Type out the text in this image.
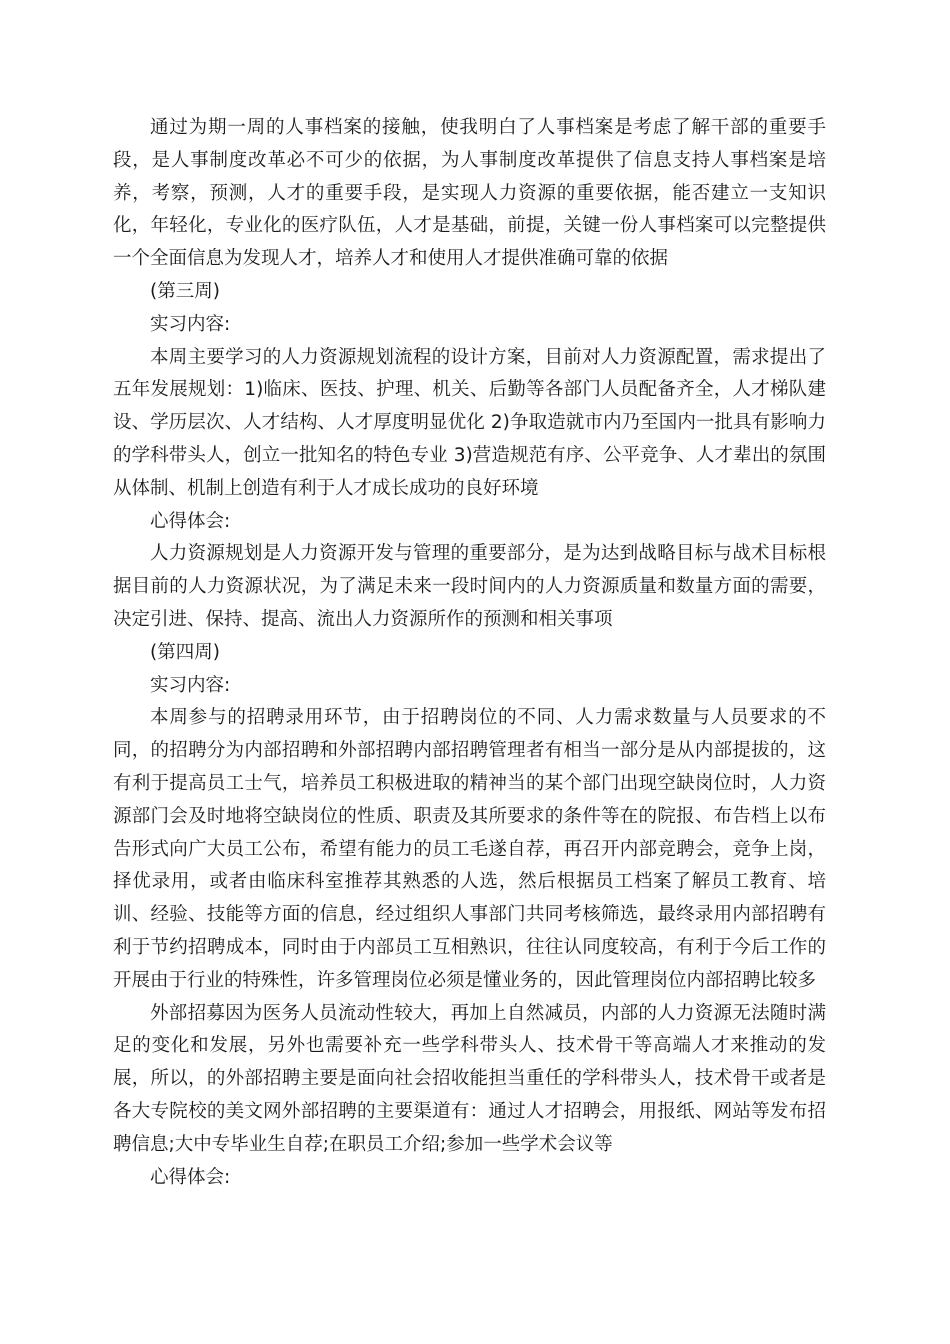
通过为期一周的人事档案的接触，使我明白了人事档案是考虑了解干部的重要手段，是人事制度改革必不可少的依据，为人事制度改革提供了信息支持人事档案是培养，考察，预测，人才的重要手段，是实现人力资源的重要依据，能否建立一支知识化，年轻化，专业化的医疗队伍，人才是基础，前提，关键一份人事档案可以完整提供一个全面信息为发现人才，培养人才和使用人才提供准确可靠的依据

(第三周)

实习内容:

本周主要学习的人力资源规划流程的设计方案，目前对人力资源配置，需求提出了五年发展规划：1)临床、医技、护理、机关、后勤等各部门人员配备齐全，人才梯队建设、学历层次、人才结构、人才厚度明显优化 2)争取造就市内乃至国内一批具有影响力的学科带头人，创立一批知名的特色专业 3)营造规范有序、公平竞争、人才辈出的氛围从体制、机制上创造有利于人才成长成功的良好环境

心得体会:

人力资源规划是人力资源开发与管理的重要部分，是为达到战略目标与战术目标根据目前的人力资源状况，为了满足未来一段时间内的人力资源质量和数量方面的需要，决定引进、保持、提高、流出人力资源所作的预测和相关事项

(第四周)

实习内容:

本周参与的招聘录用环节，由于招聘岗位的不同、人力需求数量与人员要求的不同，的招聘分为内部招聘和外部招聘内部招聘管理者有相当一部分是从内部提拔的，这有利于提高员工士气，培养员工积极进取的精神当的某个部门出现空缺岗位时，人力资源部门会及时地将空缺岗位的性质、职责及其所要求的条件等在的院报、布告档上以布告形式向广大员工公布，希望有能力的员工毛遂自荐，再召开内部竞聘会，竞争上岗，择优录用，或者由临床科室推荐其熟悉的人选，然后根据员工档案了解员工教育、培训、经验、技能等方面的信息，经过组织人事部门共同考核筛选，最终录用内部招聘有利于节约招聘成本，同时由于内部员工互相熟识，往往认同度较高，有利于今后工作的开展由于行业的特殊性，许多管理岗位必须是懂业务的，因此管理岗位内部招聘比较多

外部招募因为医务人员流动性较大，再加上自然减员，内部的人力资源无法随时满足的变化和发展，另外也需要补充一些学科带头人、技术骨干等高端人才来推动的发展，所以，的外部招聘主要是面向社会招收能担当重任的学科带头人，技术骨干或者是各大专院校的美文网外部招聘的主要渠道有：通过人才招聘会，用报纸、网站等发布招聘信息;大中专毕业生自荐;在职员工介绍;参加一些学术会议等

心得体会:
